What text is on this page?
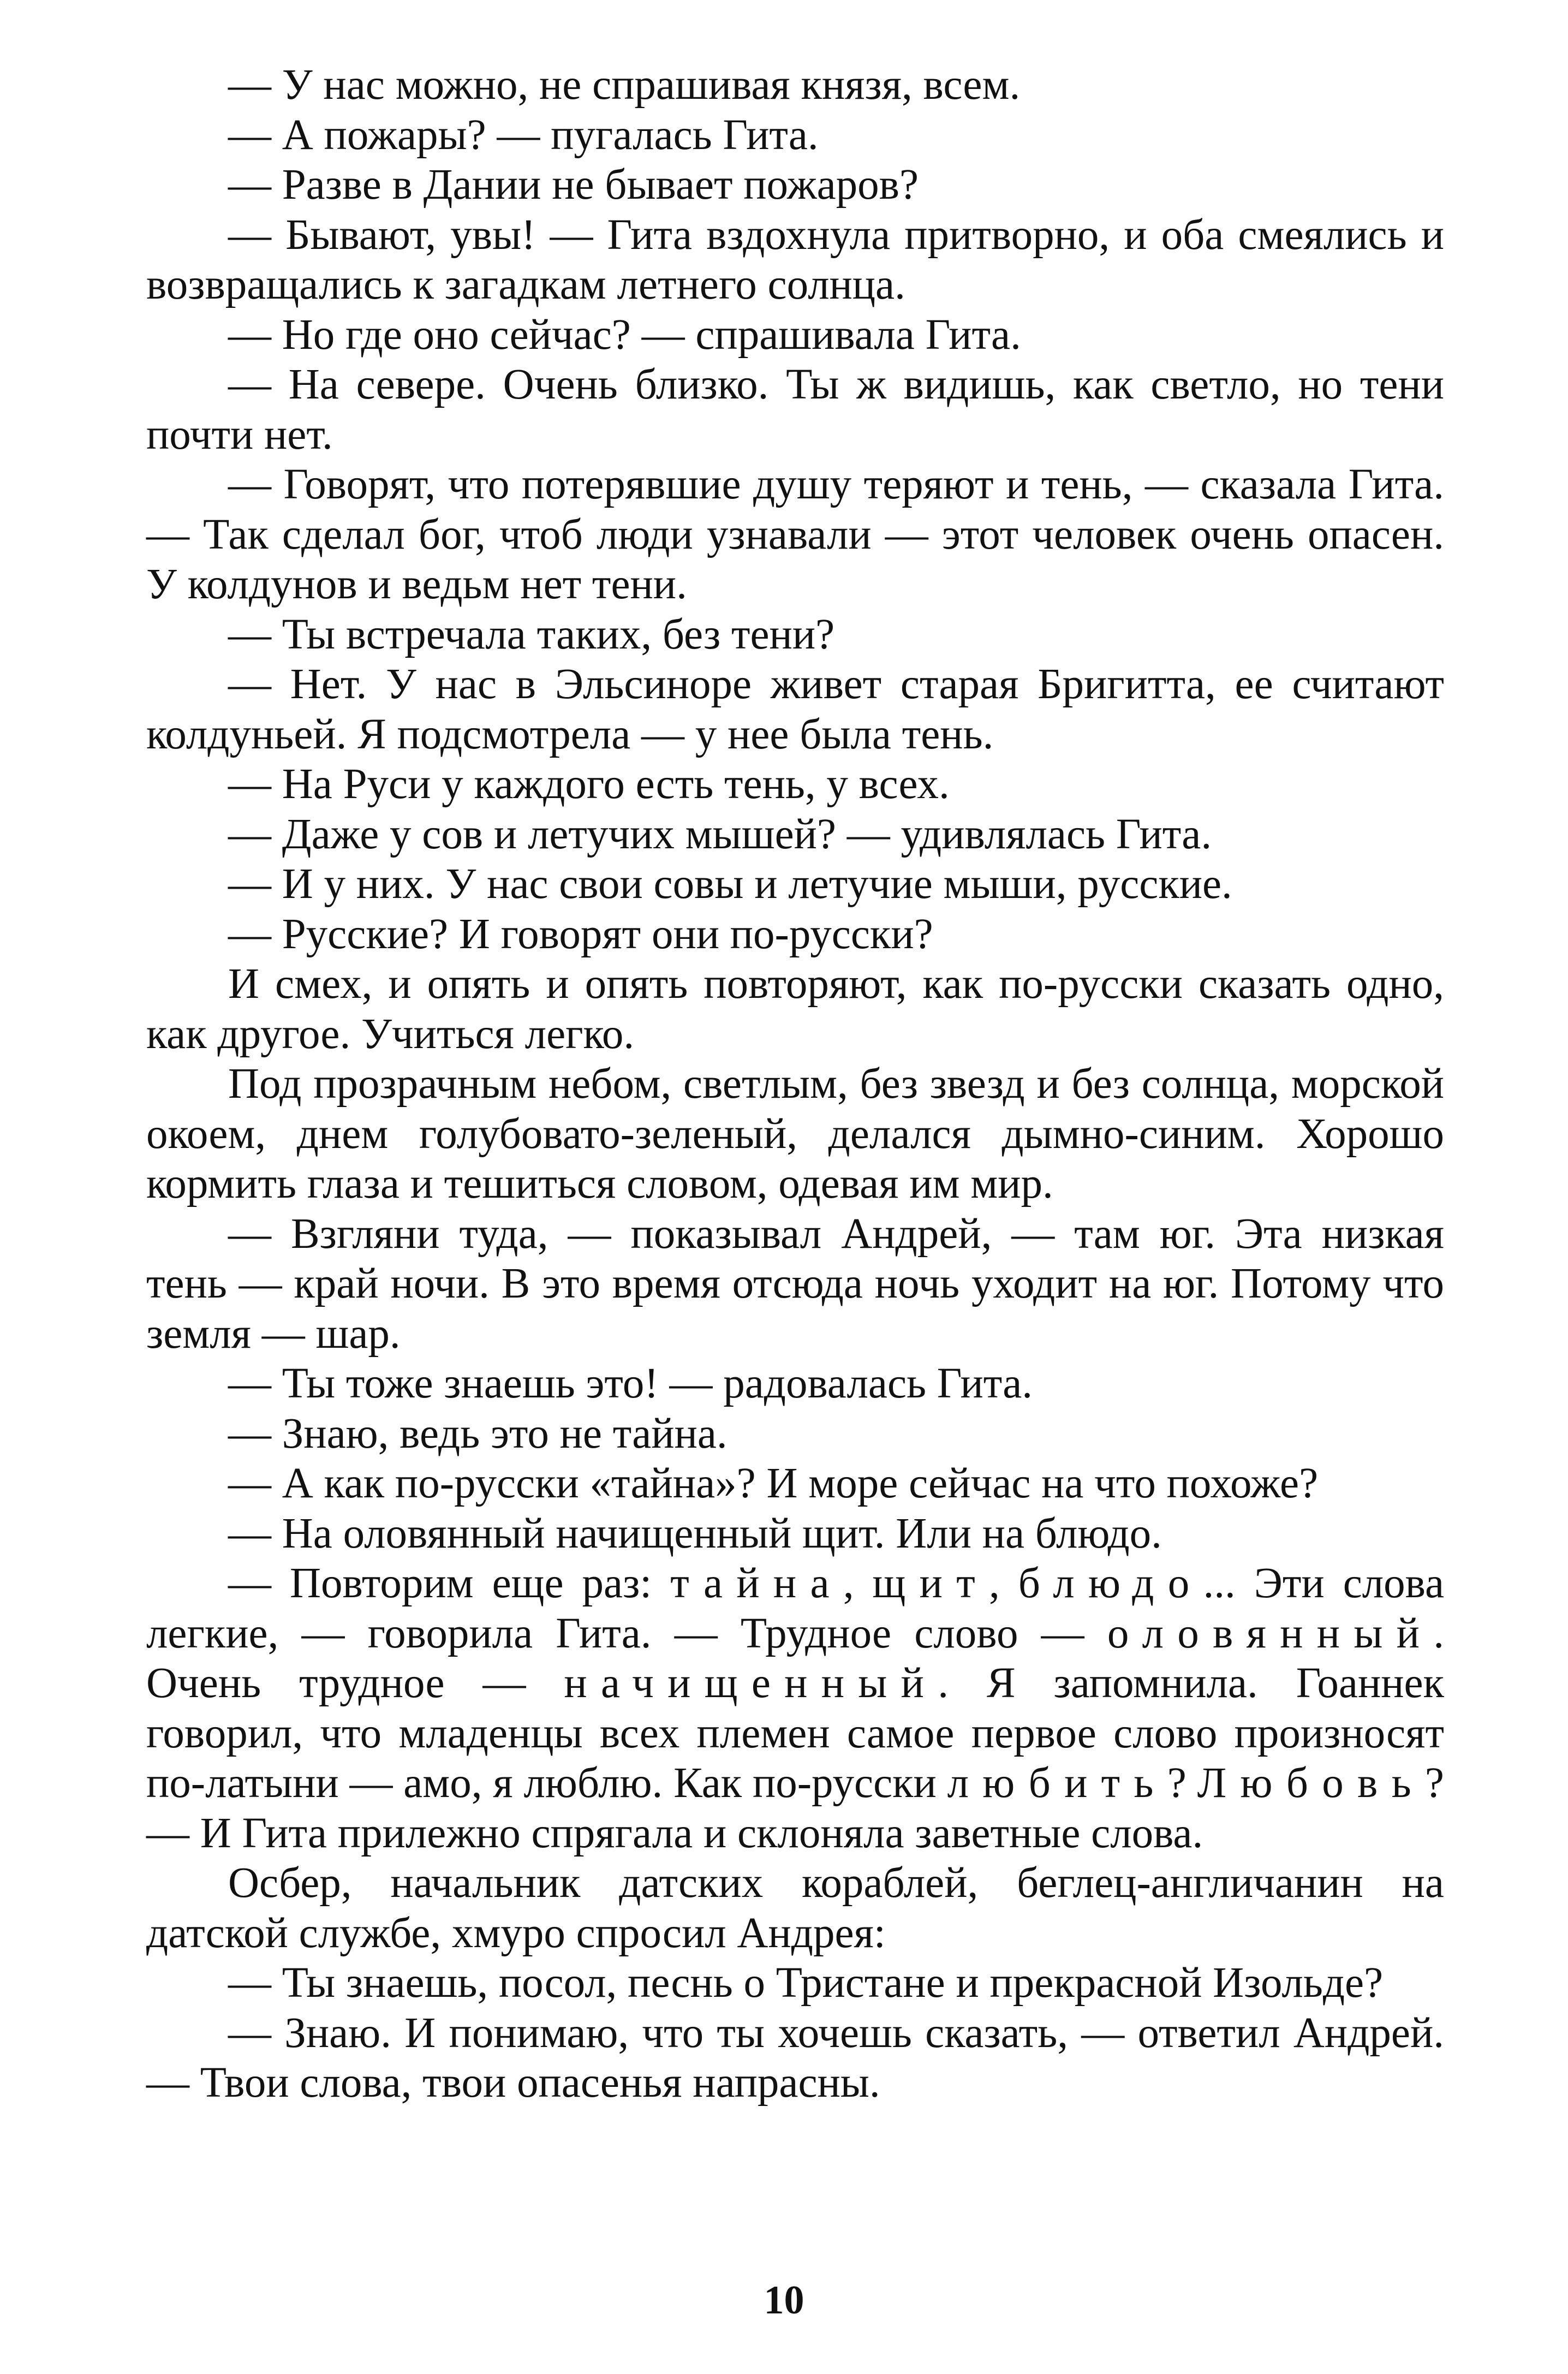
— У нас можно, не спрашивая князя, всем.

— А пожары? — пугалась Гита.

— Разве в Дании не бывает пожаров?

— Бывают, увы! — Гита вздохнула притворно, и оба смеялись и возвращались к загадкам летнего солнца.

— Но где оно сейчас? — спрашивала Гита.

— На севере. Очень близко. Ты ж видишь, как светло, но тени почти нет.

— Говорят, что потерявшие душу теряют и тень, — сказала Гита. — Так сделал бог, чтоб люди узнавали — этот человек очень опасен. У колдунов и ведьм нет тени.

— Ты встречала таких, без тени?

— Нет. У нас в Эльсиноре живет старая Бригитта, ее считают колдуньей. Я подсмотрела — у нее была тень.

— На Руси у каждого есть тень, у всех.

— Даже у сов и летучих мышей? — удивлялась Гита.

— И у них. У нас свои совы и летучие мыши, русские.

— Русские? И говорят они по-русски?

И смех, и опять и опять повторяют, как по-русски сказать одно, как другое. Учиться легко.

Под прозрачным небом, светлым, без звезд и без солнца, морской окоем, днем голубовато-зеленый, делался дымно-синим. Хорошо кормить глаза и тешиться словом, одевая им мир.

— Взгляни туда, — показывал Андрей, — там юг. Эта низкая тень — край ночи. В это время отсюда ночь уходит на юг. Потому что земля — шар.

— Ты тоже знаешь это! — радовалась Гита.

— Знаю, ведь это не тайна.

— А как по-русски «тайна»? И море сейчас на что похоже?

— На оловянный начищенный щит. Или на блюдо.

— Повторим еще раз: тайна, щит, блюдо... Эти слова легкие, — говорила Гита. — Трудное слово — оловянный. Очень трудное — начищенный. Я запомнила. Гоаннек говорил, что младенцы всех племен самое первое слово произносят по-латыни — амо, я люблю. Как по-русски любить? Любовь? — И Гита прилежно спрягала и склоняла заветные слова.

Осбер, начальник датских кораблей, беглец-англичанин на датской службе, хмуро спросил Андрея:

— Ты знаешь, посол, песнь о Тристане и прекрасной Изольде?

— Знаю. И понимаю, что ты хочешь сказать, — ответил Андрей. — Твои слова, твои опасенья напрасны.

10
